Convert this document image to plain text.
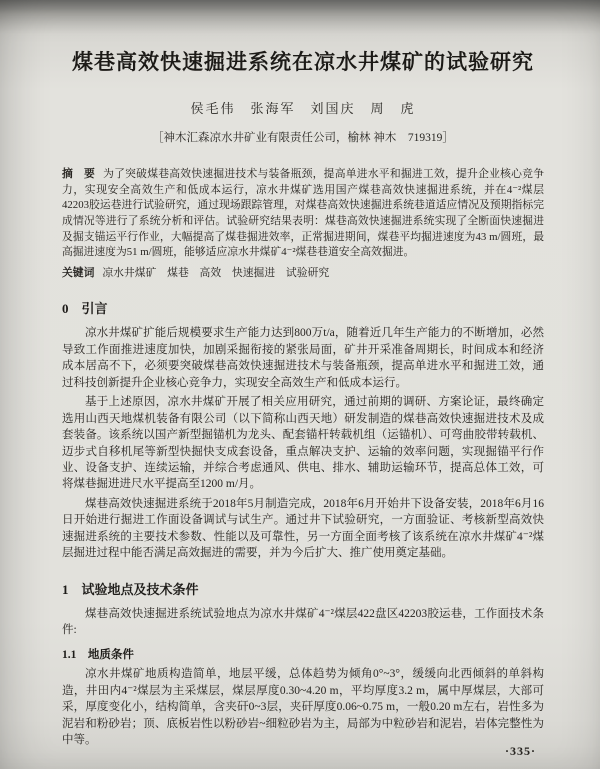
煤巷高效快速掘进系统在凉水井煤矿的试验研究
侯毛伟　张海军　刘国庆　周　虎
［神木汇森凉水井矿业有限责任公司，榆林 神木　719319］

摘　要 为了突破煤巷高效快速掘进技术与装备瓶颈，提高单进水平和掘进工效，提升企业核心竞争力，实现安全高效生产和低成本运行，凉水井煤矿选用国产煤巷高效快速掘进系统，并在4⁻²煤层42203胶运巷进行试验研究，通过现场跟踪管理，对煤巷高效快速掘进系统巷道适应情况及预期指标完成情况等进行了系统分析和评估。试验研究结果表明：煤巷高效快速掘进系统实现了全断面快速掘进及掘支锚运平行作业，大幅提高了煤巷掘进效率，正常掘进期间，煤巷平均掘进速度为43 m/圆班，最高掘进速度为51 m/圆班，能够适应凉水井煤矿4⁻²煤巷巷道安全高效掘进。

关键词 凉水井煤矿　煤巷　高效　快速掘进　试验研究

0　引言

凉水井煤矿扩能后规模要求生产能力达到800万t/a，随着近几年生产能力的不断增加，必然导致工作面推进速度加快，加剧采掘衔接的紧张局面，矿井开采准备周期长，时间成本和经济成本居高不下，必须要突破煤巷高效快速掘进技术与装备瓶颈，提高单进水平和掘进工效，通过科技创新提升企业核心竞争力，实现安全高效生产和低成本运行。

基于上述原因，凉水井煤矿开展了相关应用研究，通过前期的调研、方案论证，最终确定选用山西天地煤机装备有限公司（以下简称山西天地）研发制造的煤巷高效快速掘进技术及成套装备。该系统以国产新型掘锚机为龙头、配套锚杆转载机组（运锚机）、可弯曲胶带转载机、迈步式自移机尾等新型快掘快支成套设备，重点解决支护、运输的效率问题，实现掘锚平行作业、设备支护、连续运输，并综合考虑通风、供电、排水、辅助运输环节，提高总体工效，可将煤巷掘进进尺水平提高至1200 m/月。

煤巷高效快速掘进系统于2018年5月制造完成，2018年6月开始井下设备安装，2018年6月16日开始进行掘进工作面设备调试与试生产。通过井下试验研究，一方面验证、考核新型高效快速掘进系统的主要技术参数、性能以及可靠性，另一方面全面考核了该系统在凉水井煤矿4⁻²煤层掘进过程中能否满足高效掘进的需要，并为今后扩大、推广使用奠定基础。

1　试验地点及技术条件

煤巷高效快速掘进系统试验地点为凉水井煤矿4⁻²煤层422盘区42203胶运巷，工作面技术条件:

1.1　地质条件

凉水井煤矿地质构造简单，地层平缓，总体趋势为倾角0°~3°，缓缓向北西倾斜的单斜构造，井田内4⁻²煤层为主采煤层，煤层厚度0.30~4.20 m，平均厚度3.2 m，属中厚煤层，大部可采，厚度变化小，结构简单，含夹矸0~3层，夹矸厚度0.06~0.75 m，一般0.20 m左右，岩性多为泥岩和粉砂岩；顶、底板岩性以粉砂岩~细粒砂岩为主，局部为中粒砂岩和泥岩，岩体完整性为中等。

·335·
